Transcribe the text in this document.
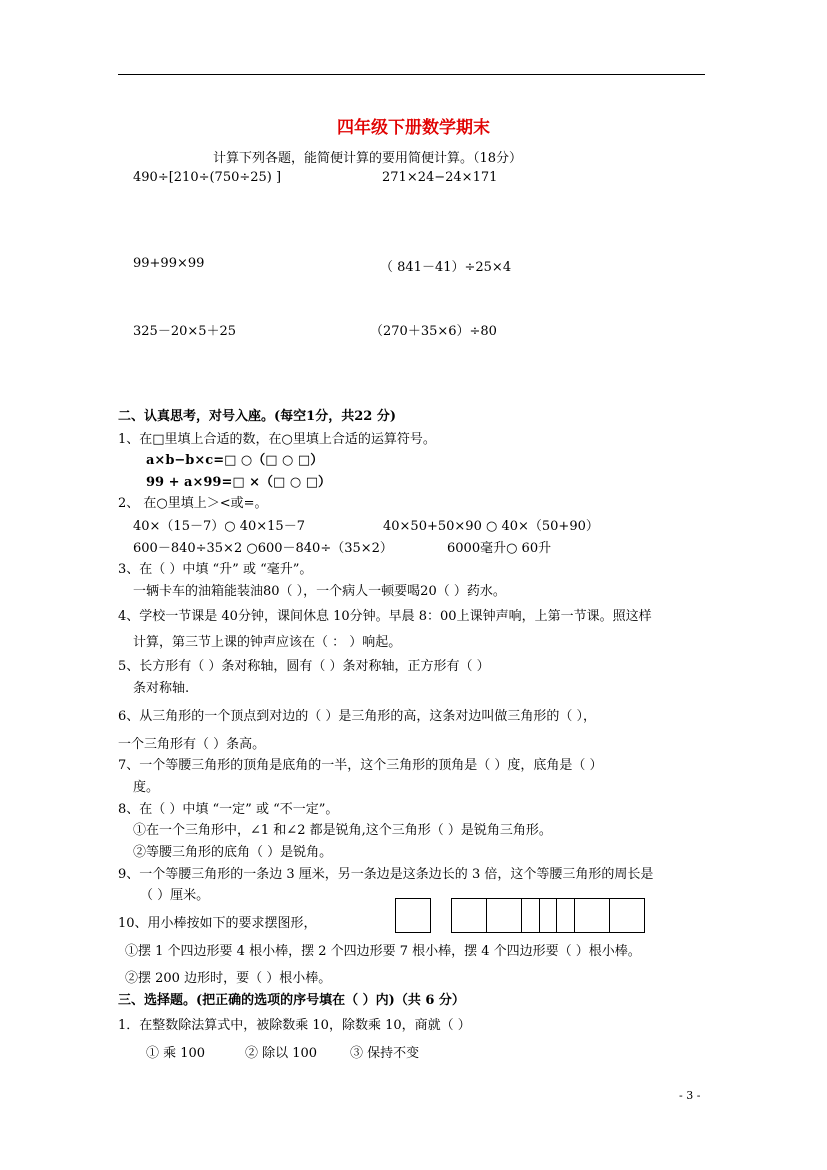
四年级下册数学期末
计算下列各题，能简便计算的要用简便计算。（18分）
490÷[210÷(750÷25) ]	271×24−24×171
99+99×99	（ 841－41）÷25×4
325－20×5＋25	（270＋35×6）÷80
二、认真思考，对号入座。(每空1分，共22 分)
1、在□里填上合适的数，在○里填上合适的运算符号。
a×b−b×c=□ ○（□ ○ □）
99 + a×99=□ ×（□ ○ □）
2、 在○里填上＞<或=。
40×（15－7）○ 40×15－7	40×50+50×90 ○ 40×（50+90）
600－840÷35×2 ○600－840÷（35×2）	6000毫升○ 60升
3、在（ ）中填 “升” 或 “毫升”。
一辆卡车的油箱能装油80（ ），一个病人一顿要喝20（ ）药水。
4、学校一节课是 40分钟，课间休息 10分钟。早晨 8：00上课钟声响，上第一节课。照这样
计算，第三节上课的钟声应该在（ ： ）响起。
5、长方形有（ ）条对称轴，圆有（ ）条对称轴，正方形有（ ）
条对称轴.
6、从三角形的一个顶点到对边的（ ）是三角形的高，这条对边叫做三角形的（ ），
一个三角形有（ ）条高。
7、一个等腰三角形的顶角是底角的一半，这个三角形的顶角是（ ）度，底角是（ ）
度。
8、在（ ）中填 “一定” 或 “不一定”。
①在一个三角形中，∠1 和∠2 都是锐角,这个三角形（ ）是锐角三角形。
②等腰三角形的底角（ ）是锐角。
9、一个等腰三角形的一条边 3 厘米，另一条边是这条边长的 3 倍，这个等腰三角形的周长是
（ ）厘米。
10、用小棒按如下的要求摆图形，
①摆 1 个四边形要 4 根小棒，摆 2 个四边形要 7 根小棒，摆 4 个四边形要（ ）根小棒。
②摆 200 边形时，要（ ）根小棒。
三、选择题。(把正确的选项的序号填在（ ）内)（共 6 分）
1．在整数除法算式中，被除数乘 10，除数乘 10，商就（ ）
① 乘 100	② 除以 100	③ 保持不变
- 3 -
